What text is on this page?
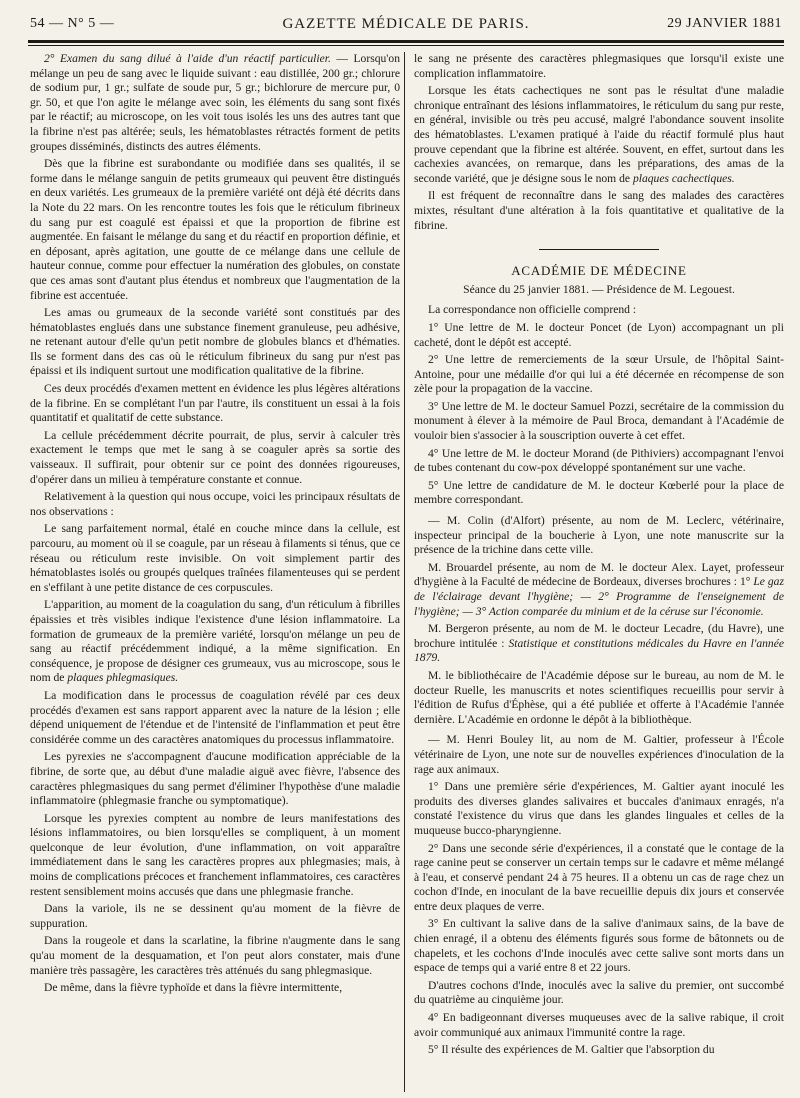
54 — N° 5 —	GAZETTE MÉDICALE DE PARIS.	29 JANVIER 1881

2° Examen du sang dilué à l'aide d'un réactif particulier. — Lorsqu'on mélange un peu de sang avec le liquide suivant : eau distillée, 200 gr.; chlorure de sodium pur, 1 gr.; sulfate de soude pur, 5 gr.; bichlorure de mercure pur, 0 gr. 50, et que l'on agite le mélange avec soin, les éléments du sang sont fixés par le réactif; au microscope, on les voit tous isolés les uns des autres tant que la fibrine n'est pas altérée; seuls, les hématoblastes rétractés forment de petits groupes disséminés, distincts des autres éléments.

Dès que la fibrine est surabondante ou modifiée dans ses qualités, il se forme dans le mélange sanguin de petits grumeaux qui peuvent être distingués en deux variétés. Les grumeaux de la première variété ont déjà été décrits dans la Note du 22 mars. On les rencontre toutes les fois que le réticulum fibrineux du sang pur est coagulé est épaissi et que la proportion de fibrine est augmentée. En faisant le mélange du sang et du réactif en proportion définie, et en déposant, après agitation, une goutte de ce mélange dans une cellule de hauteur connue, comme pour effectuer la numération des globules, on constate que ces amas sont d'autant plus étendus et nombreux que l'augmentation de la fibrine est accentuée.

Les amas ou grumeaux de la seconde variété sont constitués par des hématoblastes englués dans une substance finement granuleuse, peu adhésive, ne retenant autour d'elle qu'un petit nombre de globules blancs et d'hématies. Ils se forment dans des cas où le réticulum fibrineux du sang pur n'est pas épaissi et ils indiquent surtout une modification qualitative de la fibrine.

Ces deux procédés d'examen mettent en évidence les plus légères altérations de la fibrine. En se complétant l'un par l'autre, ils constituent un essai à la fois quantitatif et qualitatif de cette substance.

La cellule précédemment décrite pourrait, de plus, servir à calculer très exactement le temps que met le sang à se coaguler après sa sortie des vaisseaux. Il suffirait, pour obtenir sur ce point des données rigoureuses, d'opérer dans un milieu à température constante et connue.

Relativement à la question qui nous occupe, voici les principaux résultats de nos observations :

Le sang parfaitement normal, étalé en couche mince dans la cellule, est parcouru, au moment où il se coagule, par un réseau à filaments si ténus, que ce réseau ou réticulum reste invisible. On voit simplement partir des hématoblastes isolés ou groupés quelques traînées filamenteuses qui se perdent en s'effilant à une petite distance de ces corpuscules.

L'apparition, au moment de la coagulation du sang, d'un réticulum à fibrilles épaissies et très visibles indique l'existence d'une lésion inflammatoire. La formation de grumeaux de la première variété, lorsqu'on mélange un peu de sang au réactif précédemment indiqué, a la même signification. En conséquence, je propose de désigner ces grumeaux, vus au microscope, sous le nom de plaques phlegmasiques.

La modification dans le processus de coagulation révélé par ces deux procédés d'examen est sans rapport apparent avec la nature de la lésion ; elle dépend uniquement de l'étendue et de l'intensité de l'inflammation et peut être considérée comme un des caractères anatomiques du processus inflammatoire.

Les pyrexies ne s'accompagnent d'aucune modification appréciable de la fibrine, de sorte que, au début d'une maladie aiguë avec fièvre, l'absence des caractères phlegmasiques du sang permet d'éliminer l'hypothèse d'une maladie inflammatoire (phlegmasie franche ou symptomatique).

Lorsque les pyrexies comptent au nombre de leurs manifestations des lésions inflammatoires, ou bien lorsqu'elles se compliquent, à un moment quelconque de leur évolution, d'une inflammation, on voit apparaître immédiatement dans le sang les caractères propres aux phlegmasies; mais, à moins de complications précoces et franchement inflammatoires, ces caractères restent sensiblement moins accusés que dans une phlegmasie franche.

Dans la variole, ils ne se dessinent qu'au moment de la fièvre de suppuration.

Dans la rougeole et dans la scarlatine, la fibrine n'augmente dans le sang qu'au moment de la desquamation, et l'on peut alors constater, mais d'une manière très passagère, les caractères très atténués du sang phlegmasique.

De même, dans la fièvre typhoïde et dans la fièvre intermittente,

le sang ne présente des caractères phlegmasiques que lorsqu'il existe une complication inflammatoire.

Lorsque les états cachectiques ne sont pas le résultat d'une maladie chronique entraînant des lésions inflammatoires, le réticulum du sang pur reste, en général, invisible ou très peu accusé, malgré l'abondance souvent insolite des hématoblastes. L'examen pratiqué à l'aide du réactif formulé plus haut prouve cependant que la fibrine est altérée. Souvent, en effet, surtout dans les cachexies avancées, on remarque, dans les préparations, des amas de la seconde variété, que je désigne sous le nom de plaques cachectiques.

Il est fréquent de reconnaître dans le sang des malades des caractères mixtes, résultant d'une altération à la fois quantitative et qualitative de la fibrine.

ACADÉMIE DE MÉDECINE
Séance du 25 janvier 1881. — Présidence de M. Legouest.

La correspondance non officielle comprend :

1° Une lettre de M. le docteur Poncet (de Lyon) accompagnant un pli cacheté, dont le dépôt est accepté.

2° Une lettre de remerciements de la sœur Ursule, de l'hôpital Saint-Antoine, pour une médaille d'or qui lui a été décernée en récompense de son zèle pour la propagation de la vaccine.

3° Une lettre de M. le docteur Samuel Pozzi, secrétaire de la commission du monument à élever à la mémoire de Paul Broca, demandant à l'Académie de vouloir bien s'associer à la souscription ouverte à cet effet.

4° Une lettre de M. le docteur Morand (de Pithiviers) accompagnant l'envoi de tubes contenant du cow-pox développé spontanément sur une vache.

5° Une lettre de candidature de M. le docteur Kœberlé pour la place de membre correspondant.

— M. Colin (d'Alfort) présente, au nom de M. Leclerc, vétérinaire, inspecteur principal de la boucherie à Lyon, une note manuscrite sur la présence de la trichine dans cette ville.

M. Brouardel présente, au nom de M. le docteur Alex. Layet, professeur d'hygiène à la Faculté de médecine de Bordeaux, diverses brochures : 1° Le gaz de l'éclairage devant l'hygiène; — 2° Programme de l'enseignement de l'hygiène; — 3° Action comparée du minium et de la céruse sur l'économie.

M. Bergeron présente, au nom de M. le docteur Lecadre, (du Havre), une brochure intitulée : Statistique et constitutions médicales du Havre en l'année 1879.

M. le bibliothécaire de l'Académie dépose sur le bureau, au nom de M. le docteur Ruelle, les manuscrits et notes scientifiques recueillis pour servir à l'édition de Rufus d'Éphèse, qui a été publiée et offerte à l'Académie l'année dernière. L'Académie en ordonne le dépôt à la bibliothèque.

— M. Henri Bouley lit, au nom de M. Galtier, professeur à l'École vétérinaire de Lyon, une note sur de nouvelles expériences d'inoculation de la rage aux animaux.

1° Dans une première série d'expériences, M. Galtier ayant inoculé les produits des diverses glandes salivaires et buccales d'animaux enragés, n'a constaté l'existence du virus que dans les glandes linguales et celles de la muqueuse bucco-pharyngienne.

2° Dans une seconde série d'expériences, il a constaté que le contage de la rage canine peut se conserver un certain temps sur le cadavre et même mélangé à l'eau, et conservé pendant 24 à 75 heures. Il a obtenu un cas de rage chez un cochon d'Inde, en inoculant de la bave recueillie depuis dix jours et conservée entre deux plaques de verre.

3° En cultivant la salive dans de la salive d'animaux sains, de la bave de chien enragé, il a obtenu des éléments figurés sous forme de bâtonnets ou de chapelets, et les cochons d'Inde inoculés avec cette salive sont morts dans un espace de temps qui a varié entre 8 et 22 jours.

D'autres cochons d'Inde, inoculés avec la salive du premier, ont succombé du quatrième au cinquième jour.

4° En badigeonnant diverses muqueuses avec de la salive rabique, il croit avoir communiqué aux animaux l'immunité contre la rage.

5° Il résulte des expériences de M. Galtier que l'absorption du
